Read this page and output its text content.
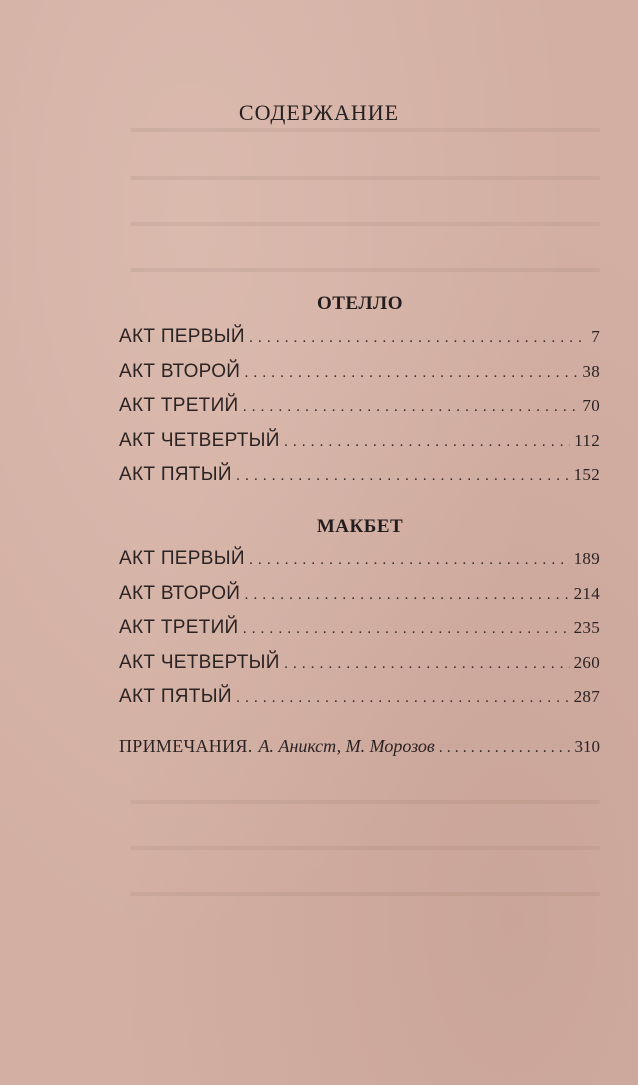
СОДЕРЖАНИЕ
ОТЕЛЛО
АКТ ПЕРВЫЙ . . .	7
АКТ ВТОРОЙ . . .	38
АКТ ТРЕТИЙ . . .	70
АКТ ЧЕТВЕРТЫЙ . . .	112
АКТ ПЯТЫЙ . . .	152
МАКБЕТ
АКТ ПЕРВЫЙ . . .	189
АКТ ВТОРОЙ . . .	214
АКТ ТРЕТИЙ . . .	235
АКТ ЧЕТВЕРТЫЙ . . .	260
АКТ ПЯТЫЙ . . .	287
ПРИМЕЧАНИЯ. А. Аникст, М. Морозов . . .	310
